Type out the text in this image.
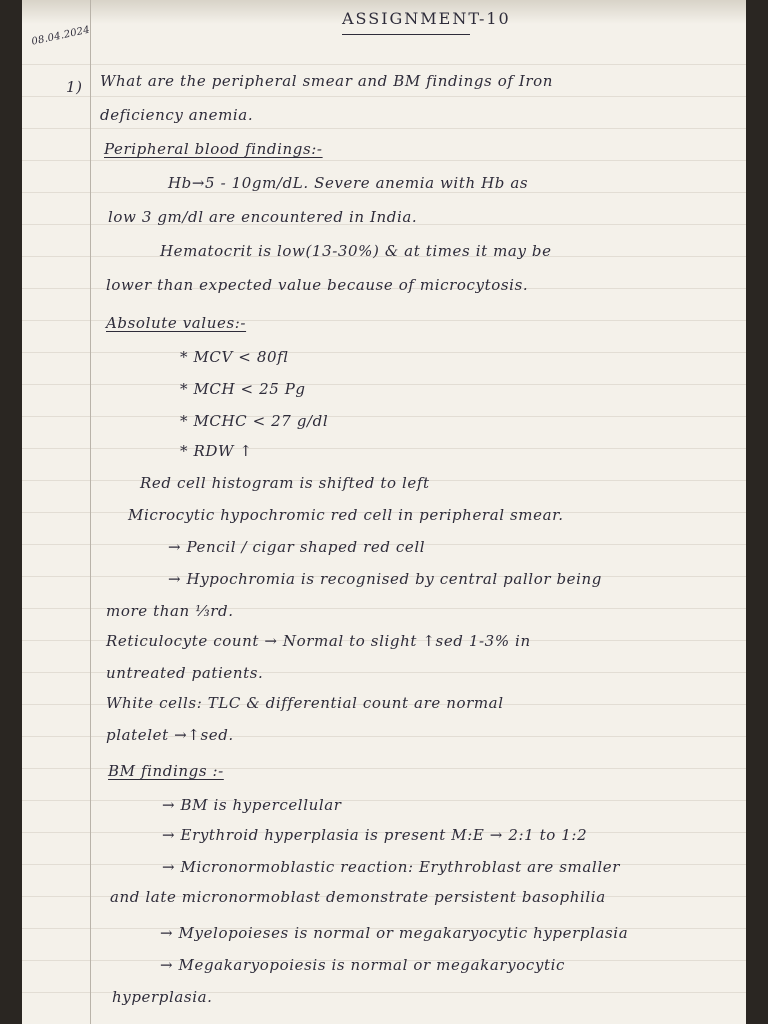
08.04.2024
ASSIGNMENT-10
1) What are the peripheral smear and BM findings of Iron
deficiency anemia.
Peripheral blood findings:-
Hb→5 - 10gm/dL. Severe anemia with Hb as
low 3 gm/dl are encountered in India.
Hematocrit is low(13-30%) & at times it may be
lower than expected value because of microcytosis.
Absolute values:-
* MCV < 80fl
* MCH < 25 Pg
* MCHC < 27 g/dl
* RDW ↑
Red cell histogram is shifted to left
Microcytic hypochromic red cell in peripheral smear.
→ Pencil / cigar shaped red cell
→ Hypochromia is recognised by central pallor being
more than ⅓rd.
Reticulocyte count → Normal to slight ↑sed 1-3% in
untreated patients.
White cells: TLC & differential count are normal
platelet →↑sed.
BM findings :-
→ BM is hypercellular
→ Erythroid hyperplasia is present M:E → 2:1 to 1:2
→ Micronormoblastic reaction: Erythroblast are smaller
and late micronormoblast demonstrate persistent basophilia
→ Myelopoieses is normal or megakaryocytic hyperplasia
→ Megakaryopoiesis is normal or megakaryocytic
hyperplasia.
